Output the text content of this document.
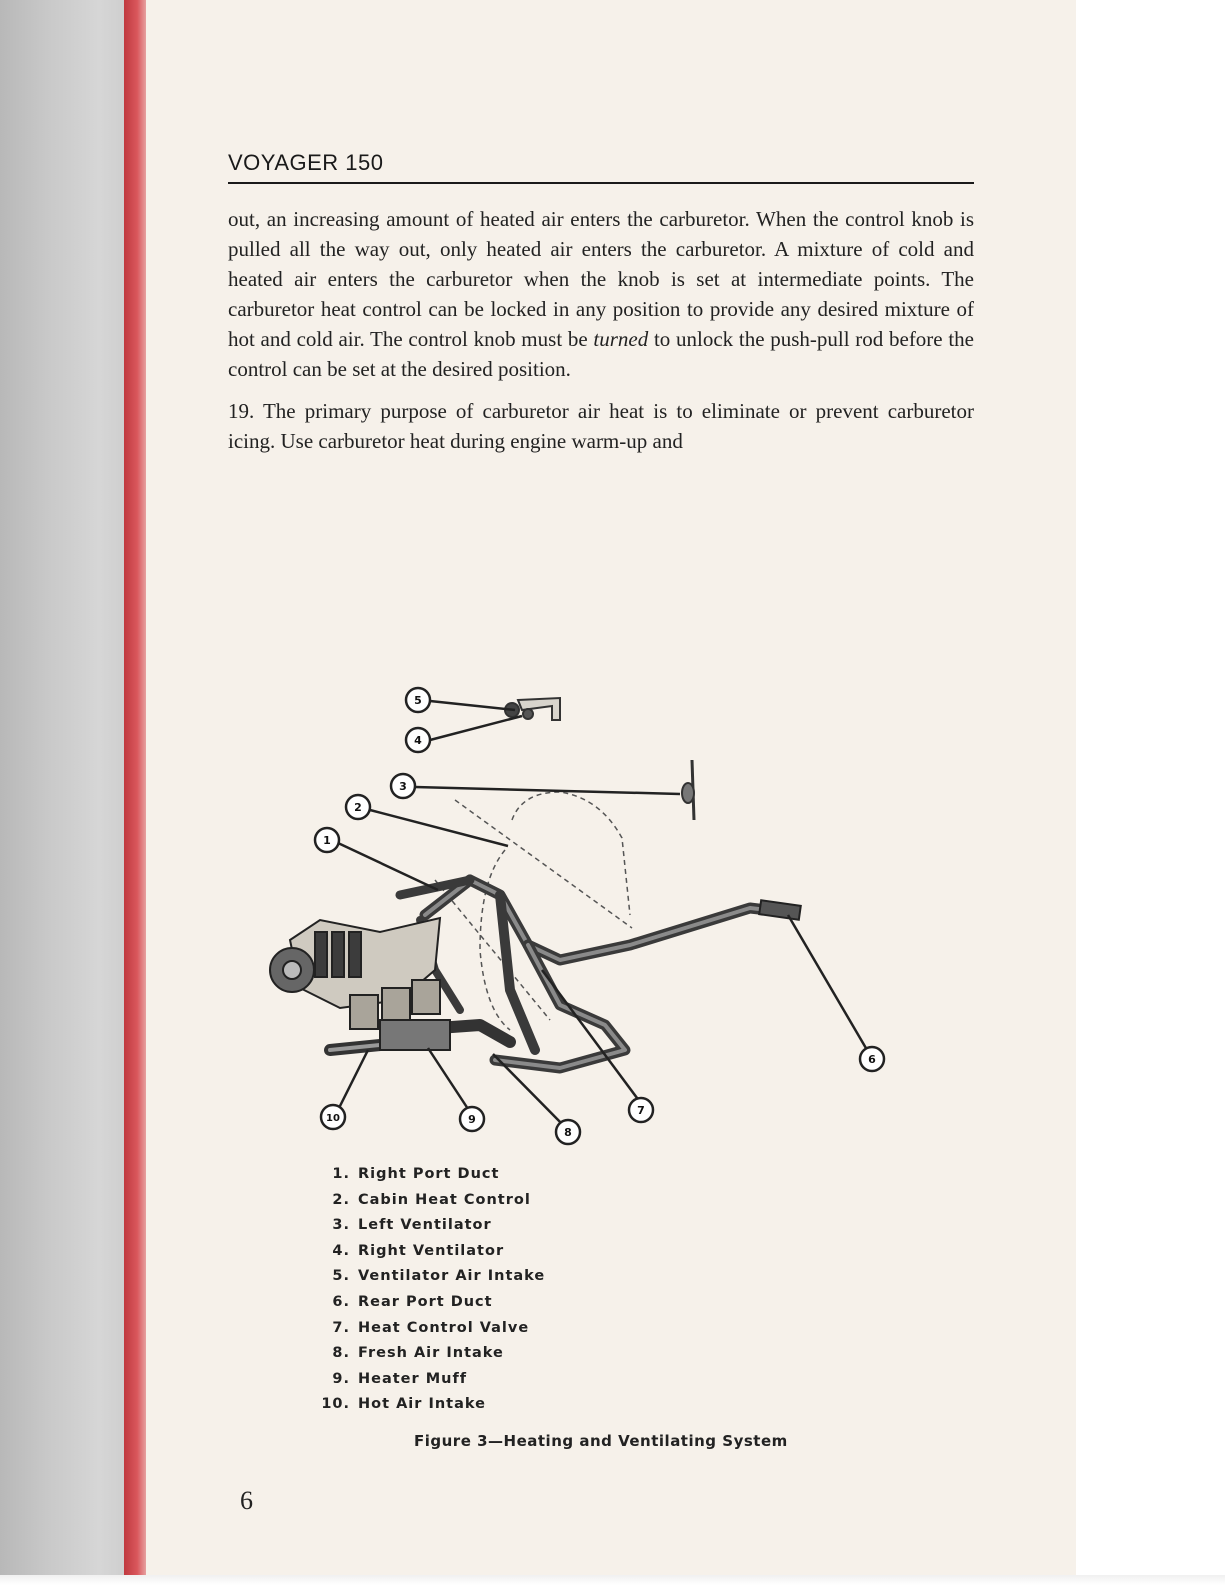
VOYAGER 150

out, an increasing amount of heated air enters the carburetor. When the control knob is pulled all the way out, only heated air enters the carburetor. A mixture of cold and heated air enters the carburetor when the knob is set at intermediate points. The carburetor heat control can be locked in any position to provide any desired mixture of hot and cold air. The control knob must be turned to unlock the push-pull rod before the control can be set at the desired position.

19. The primary purpose of carburetor air heat is to eliminate or prevent carburetor icing. Use carburetor heat during engine warm-up and

5
4
3
2
1
6
7
8
9
10
1. Right Port Duct
2. Cabin Heat Control
3. Left Ventilator
4. Right Ventilator
5. Ventilator Air Intake
6. Rear Port Duct
7. Heat Control Valve
8. Fresh Air Intake
9. Heater Muff
10. Hot Air Intake
Figure 3—Heating and Ventilating System
6
